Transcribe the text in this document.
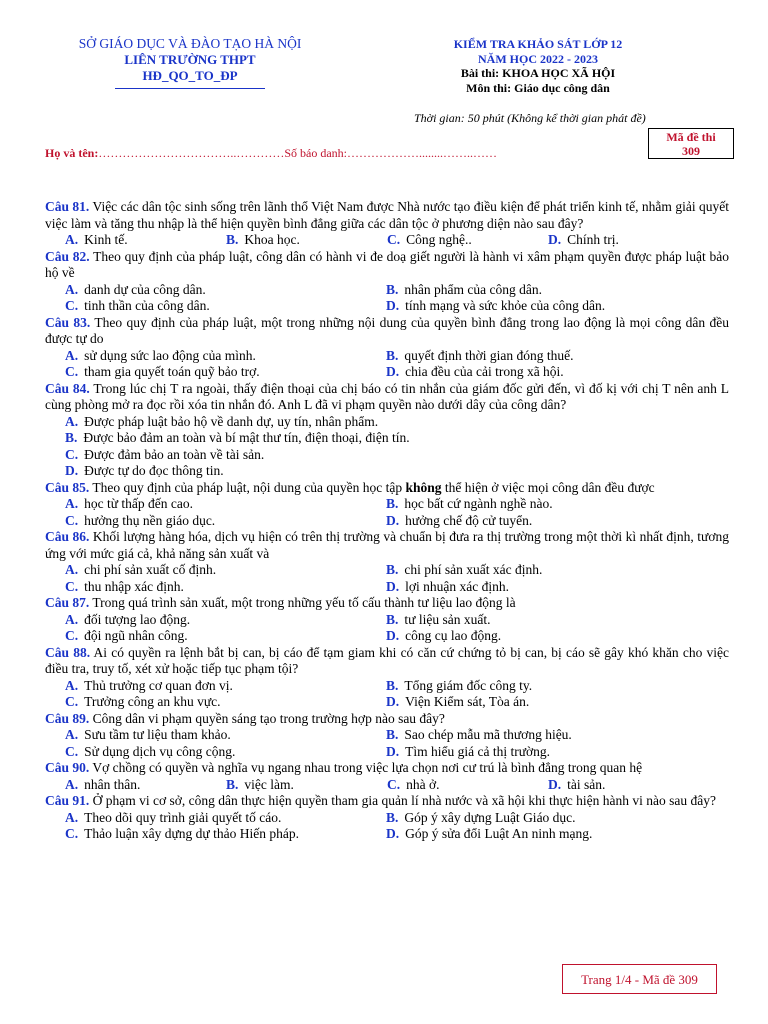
SỞ GIÁO DỤC VÀ ĐÀO TẠO HÀ NỘI
LIÊN TRƯỜNG THPT
HĐ_QO_TO_ĐP
KIỂM TRA KHẢO SÁT LỚP 12
NĂM HỌC 2022 - 2023
Bài thi: KHOA HỌC XÃ HỘI
Môn thi: Giáo dục công dân
Thời gian: 50 phút (Không kể thời gian phát đề)
Mã đề thi
309
Họ và tên:……………………………..…………Số báo danh:………………........……..……
Câu 81. Việc các dân tộc sinh sống trên lãnh thổ Việt Nam được Nhà nước tạo điều kiện để phát triển kinh tế, nhằm giải quyết việc làm và tăng thu nhập là thể hiện quyền bình đẳng giữa các dân tộc ở phương diện nào sau đây?
A. Kinh tế.	B. Khoa học.	C. Công nghệ..	D. Chính trị.
Câu 82. Theo quy định của pháp luật, công dân có hành vi đe doạ giết người là hành vi xâm phạm quyền được pháp luật bảo hộ về
A. danh dự của công dân.	B. nhân phẩm của công dân.
C. tinh thần của công dân.	D. tính mạng và sức khỏe của công dân.
Câu 83. Theo quy định của pháp luật, một trong những nội dung của quyền bình đẳng trong lao động là mọi công dân đều được tự do
A. sử dụng sức lao động của mình.	B. quyết định thời gian đóng thuế.
C. tham gia quyết toán quỹ bảo trợ.	D. chia đều của cải trong xã hội.
Câu 84. Trong lúc chị T ra ngoài, thấy điện thoại của chị báo có tin nhắn của giám đốc gửi đến, vì đố kị với chị T nên anh L cùng phòng mở ra đọc rồi xóa tin nhắn đó. Anh L đã vi phạm quyền nào dưới dây của công dân?
A. Được pháp luật bảo hộ về danh dự, uy tín, nhân phẩm.
B. Được bảo đảm an toàn và bí mật thư tín, điện thoại, điện tín.
C. Được đảm bảo an toàn về tài sản.
D. Được tự do đọc thông tin.
Câu 85. Theo quy định của pháp luật, nội dung của quyền học tập không thể hiện ở việc mọi công dân đều được
A. học từ thấp đến cao.	B. học bất cứ ngành nghề nào.
C. hưởng thụ nền giáo dục.	D. hưởng chế độ cử tuyển.
Câu 86. Khối lượng hàng hóa, dịch vụ hiện có trên thị trường và chuẩn bị đưa ra thị trường trong một thời kì nhất định, tương ứng với mức giá cả, khả năng sản xuất và
A. chi phí sản xuất cố định.	B. chi phí sản xuất xác định.
C. thu nhập xác định.	D. lợi nhuận xác định.
Câu 87. Trong quá trình sản xuất, một trong những yếu tố cấu thành tư liệu lao động là
A. đối tượng lao động.	B. tư liệu sản xuất.
C. đội ngũ nhân công.	D. công cụ lao động.
Câu 88. Ai có quyền ra lệnh bắt bị can, bị cáo để tạm giam khi có căn cứ chứng tỏ bị can, bị cáo sẽ gây khó khăn cho việc điều tra, truy tố, xét xử hoặc tiếp tục phạm tội?
A. Thủ trưởng cơ quan đơn vị.	B. Tổng giám đốc công ty.
C. Trưởng công an khu vực.	D. Viện Kiểm sát, Tòa án.
Câu 89. Công dân vi phạm quyền sáng tạo trong trường hợp nào sau đây?
A. Sưu tầm tư liệu tham khảo.	B. Sao chép mẫu mã thương hiệu.
C. Sử dụng dịch vụ công cộng.	D. Tìm hiểu giá cả thị trường.
Câu 90. Vợ chồng có quyền và nghĩa vụ ngang nhau trong việc lựa chọn nơi cư trú là bình đẳng trong quan hệ
A. nhân thân.	B. việc làm.	C. nhà ở.	D. tài sản.
Câu 91. Ở phạm vi cơ sở, công dân thực hiện quyền tham gia quản lí nhà nước và xã hội khi thực hiện hành vi nào sau đây?
A. Theo dõi quy trình giải quyết tố cáo.	B. Góp ý xây dựng Luật Giáo dục.
C. Thảo luận xây dựng dự thảo Hiến pháp.	D. Góp ý sửa đổi Luật An ninh mạng.
Trang 1/4 - Mã đề 309
